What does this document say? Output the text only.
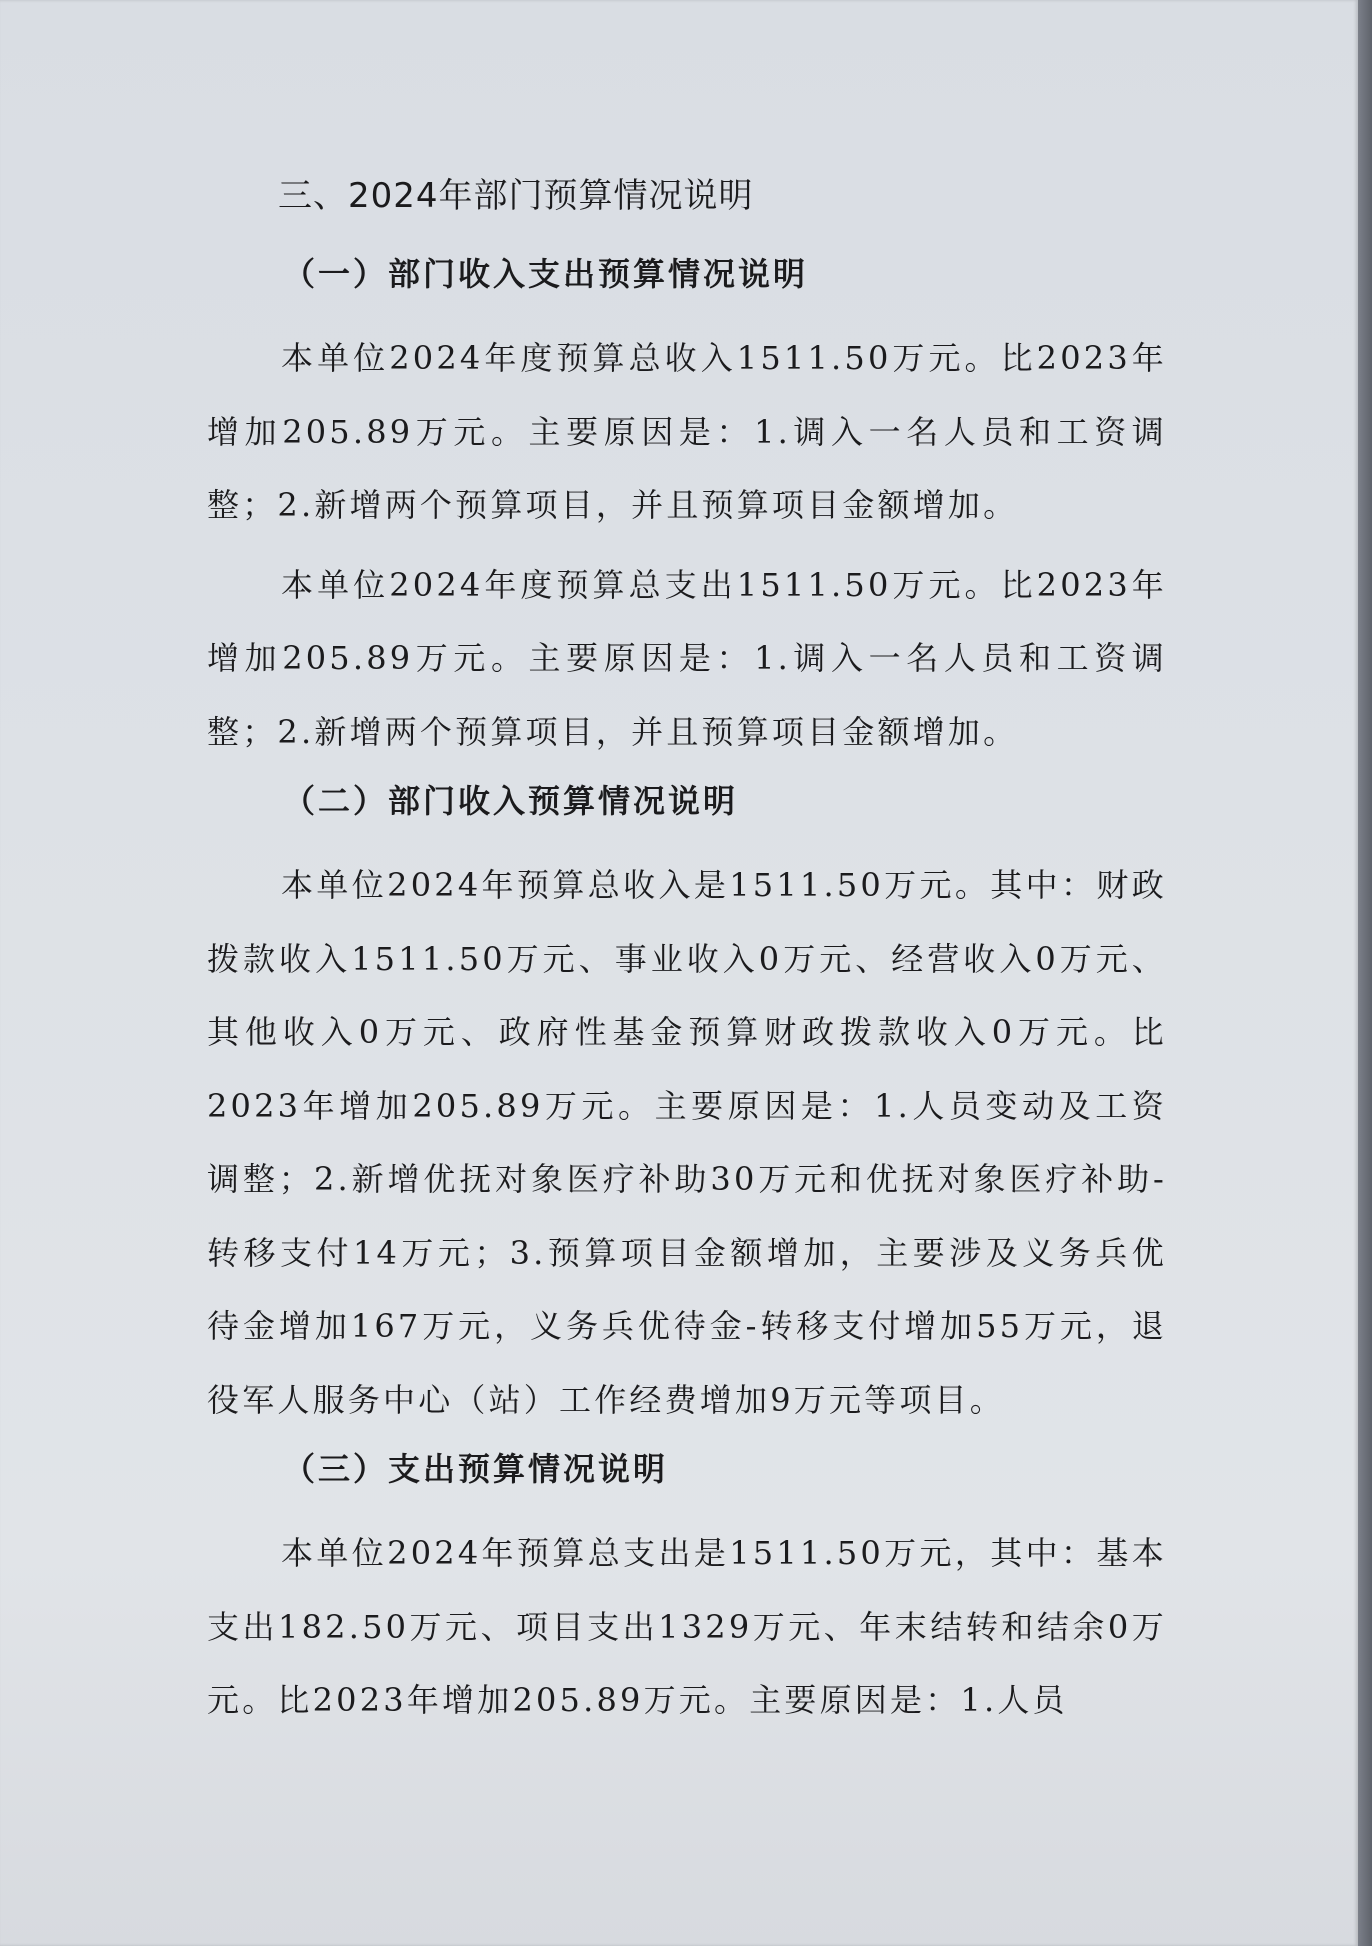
三、2024年部门预算情况说明
（一）部门收入支出预算情况说明

本单位2024年度预算总收入1511.50万元。比2023年增加205.89万元。主要原因是：1.调入一名人员和工资调整；2.新增两个预算项目，并且预算项目金额增加。

本单位2024年度预算总支出1511.50万元。比2023年增加205.89万元。主要原因是：1.调入一名人员和工资调整；2.新增两个预算项目，并且预算项目金额增加。

（二）部门收入预算情况说明

本单位2024年预算总收入是1511.50万元。其中：财政拨款收入1511.50万元、事业收入0万元、经营收入0万元、其他收入0万元、政府性基金预算财政拨款收入0万元。比2023年增加205.89万元。主要原因是：1.人员变动及工资调整；2.新增优抚对象医疗补助30万元和优抚对象医疗补助-转移支付14万元；3.预算项目金额增加，主要涉及义务兵优待金增加167万元，义务兵优待金-转移支付增加55万元，退役军人服务中心（站）工作经费增加9万元等项目。

（三）支出预算情况说明

本单位2024年预算总支出是1511.50万元，其中：基本支出182.50万元、项目支出1329万元、年末结转和结余0万元。比2023年增加205.89万元。主要原因是：1.人员
